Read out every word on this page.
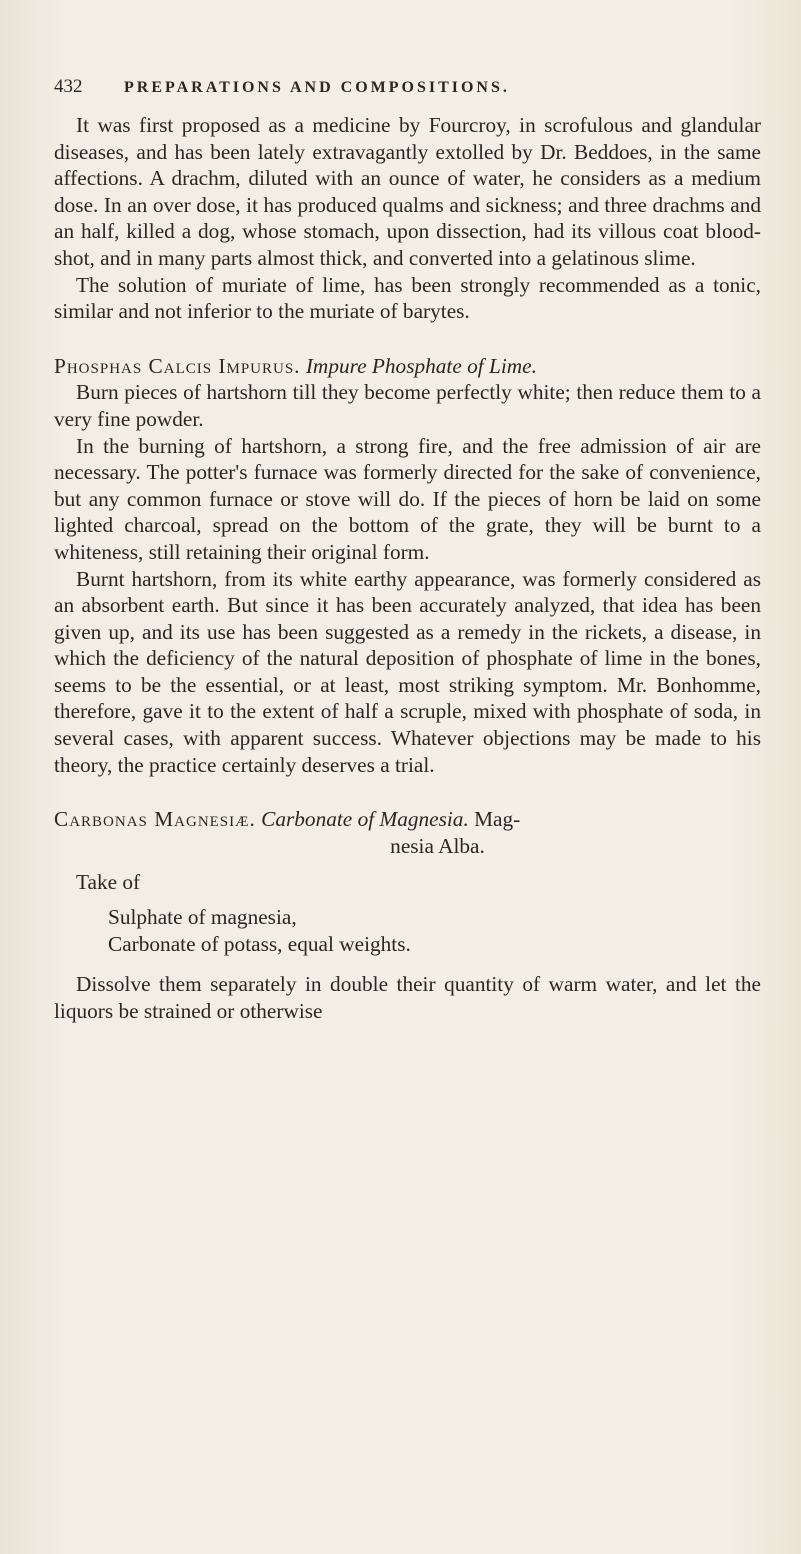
432	PREPARATIONS AND COMPOSITIONS.

It was first proposed as a medicine by Fourcroy, in scrofulous and glandular diseases, and has been lately extravagantly extolled by Dr. Beddoes, in the same affections. A drachm, diluted with an ounce of water, he considers as a medium dose. In an over dose, it has produced qualms and sickness; and three drachms and an half, killed a dog, whose stomach, upon dissection, had its villous coat blood-shot, and in many parts almost thick, and converted into a gelatinous slime.

The solution of muriate of lime, has been strongly recommended as a tonic, similar and not inferior to the muriate of barytes.

Phosphas Calcis Impurus. Impure Phosphate of Lime.

Burn pieces of hartshorn till they become perfectly white; then reduce them to a very fine powder.

In the burning of hartshorn, a strong fire, and the free admission of air are necessary. The potter's furnace was formerly directed for the sake of convenience, but any common furnace or stove will do. If the pieces of horn be laid on some lighted charcoal, spread on the bottom of the grate, they will be burnt to a whiteness, still retaining their original form.

Burnt hartshorn, from its white earthy appearance, was formerly considered as an absorbent earth. But since it has been accurately analyzed, that idea has been given up, and its use has been suggested as a remedy in the rickets, a disease, in which the deficiency of the natural deposition of phosphate of lime in the bones, seems to be the essential, or at least, most striking symptom. Mr. Bonhomme, therefore, gave it to the extent of half a scruple, mixed with phosphate of soda, in several cases, with apparent success. Whatever objections may be made to his theory, the practice certainly deserves a trial.

Carbonas Magnesiæ. Carbonate of Magnesia. Mag-
nesia Alba.
Take of
Sulphate of magnesia,
Carbonate of potass, equal weights.

Dissolve them separately in double their quantity of warm water, and let the liquors be strained or otherwise
